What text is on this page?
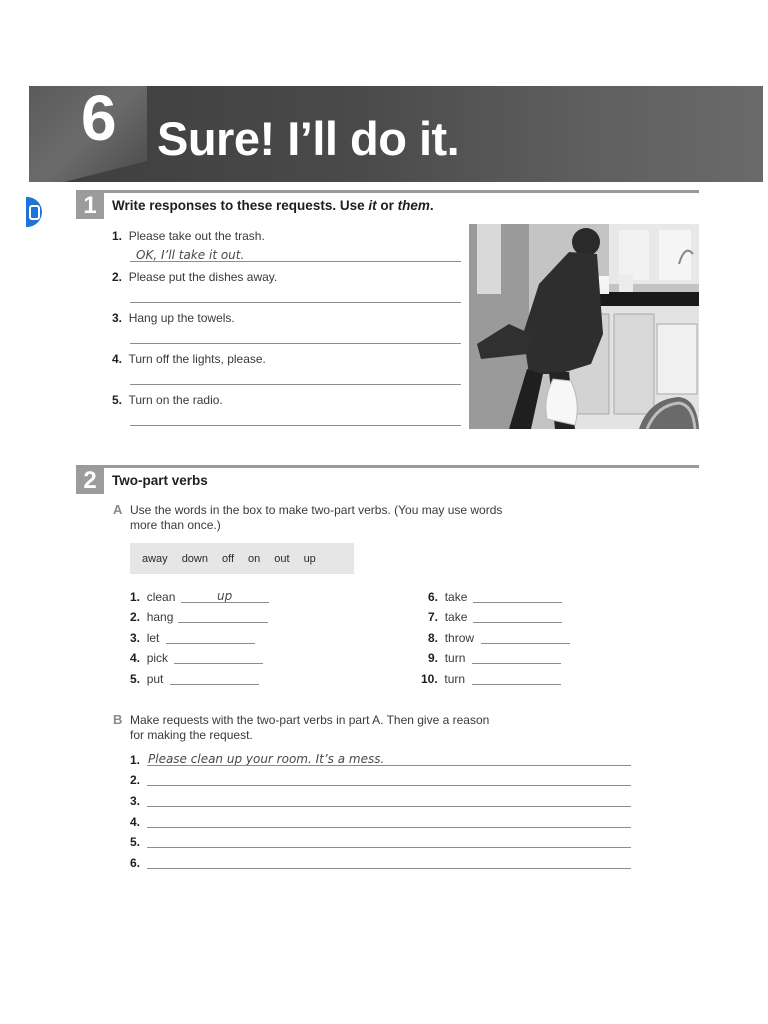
6 Sure! I’ll do it.
1	Write responses to these requests. Use it or them.
1. Please take out the trash.
OK, I’ll take it out.
2. Please put the dishes away.
3. Hang up the towels.
4. Turn off the lights, please.
5. Turn on the radio.
2	Two-part verbs
A Use the words in the box to make two-part verbs. (You may use words
more than once.)
away down off on out up
1. clean	up
2. hang
3. let
4. pick
5. put
6. take
7. take
8. throw
9. turn
10. turn
B Make requests with the two-part verbs in part A. Then give a reason
for making the request.
1. Please clean up your room. It’s a mess.
2.
3.
4.
5.
6.
